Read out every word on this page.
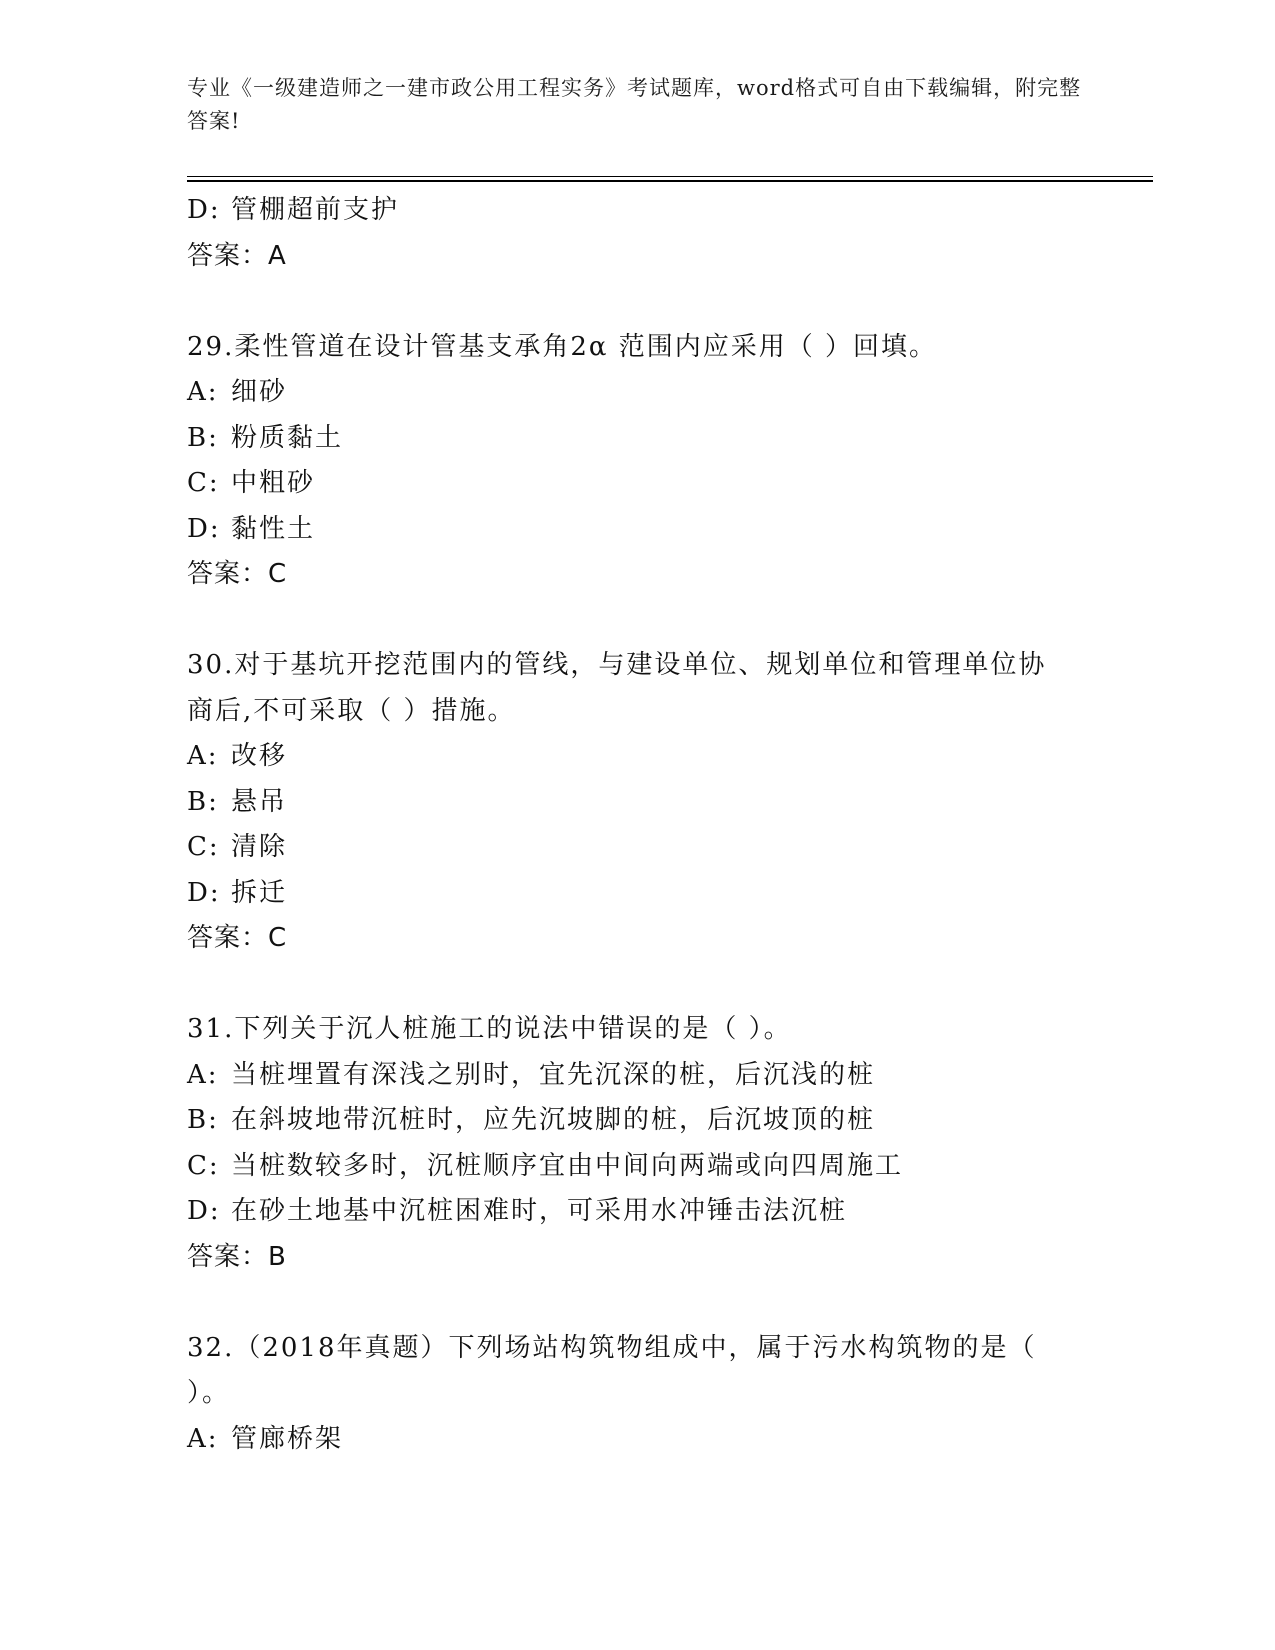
专业《一级建造师之一建市政公用工程实务》考试题库，word格式可自由下载编辑，附完整答案!
D: 管棚超前支护
答案：A
29.柔性管道在设计管基支承角2α 范围内应采用（ ）回填。
A: 细砂
B: 粉质黏土
C: 中粗砂
D: 黏性土
答案：C
30.对于基坑开挖范围内的管线，与建设单位、规划单位和管理单位协商后,不可采取（ ）措施。
A: 改移
B: 悬吊
C: 清除
D: 拆迁
答案：C
31.下列关于沉人桩施工的说法中错误的是（ ）。
A: 当桩埋置有深浅之别时，宜先沉深的桩，后沉浅的桩
B: 在斜坡地带沉桩时，应先沉坡脚的桩，后沉坡顶的桩
C: 当桩数较多时，沉桩顺序宜由中间向两端或向四周施工
D: 在砂土地基中沉桩困难时，可采用水冲锤击法沉桩
答案：B
32.（2018年真题）下列场站构筑物组成中，属于污水构筑物的是（ ）。
A: 管廊桥架
